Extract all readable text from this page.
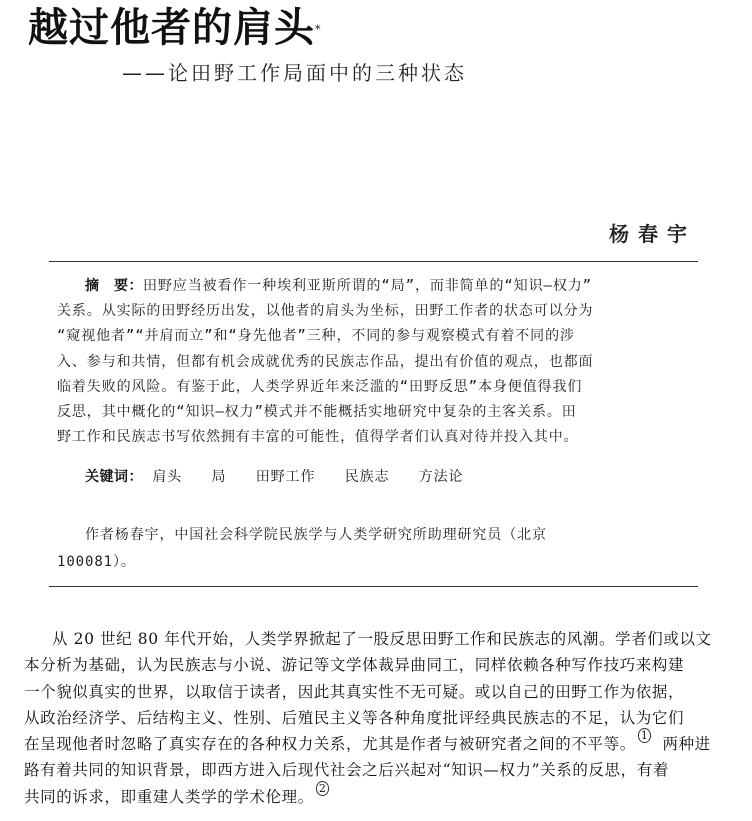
越过他者的肩头*
——论田野工作局面中的三种状态
杨春宇
摘　要：田野应当被看作一种埃利亚斯所谓的“局”，而非简单的“知识—权力”
关系。从实际的田野经历出发，以他者的肩头为坐标，田野工作者的状态可以分为
“窥视他者”“并肩而立”和“身先他者”三种，不同的参与观察模式有着不同的涉
入、参与和共情，但都有机会成就优秀的民族志作品，提出有价值的观点，也都面
临着失败的风险。有鉴于此，人类学界近年来泛滥的“田野反思”本身便值得我们
反思，其中概化的“知识—权力”模式并不能概括实地研究中复杂的主客关系。田
野工作和民族志书写依然拥有丰富的可能性，值得学者们认真对待并投入其中。
关键词： 肩头 局 田野工作 民族志 方法论
作者杨春宇，中国社会科学院民族学与人类学研究所助理研究员（北京
100081）。
从 20 世纪 80 年代开始，人类学界掀起了一股反思田野工作和民族志的风潮。学者们或以文
本分析为基础，认为民族志与小说、游记等文学体裁异曲同工，同样依赖各种写作技巧来构建
一个貌似真实的世界，以取信于读者，因此其真实性不无可疑。或以自己的田野工作为依据，
从政治经济学、后结构主义、性别、后殖民主义等各种角度批评经典民族志的不足，认为它们
在呈现他者时忽略了真实存在的各种权力关系，尤其是作者与被研究者之间的不平等。 $^1$ 两种进
路有着共同的知识背景，即西方进入后现代社会之后兴起对“知识—权力”关系的反思，有着
共同的诉求，即重建人类学的学术伦理。 $^2$
